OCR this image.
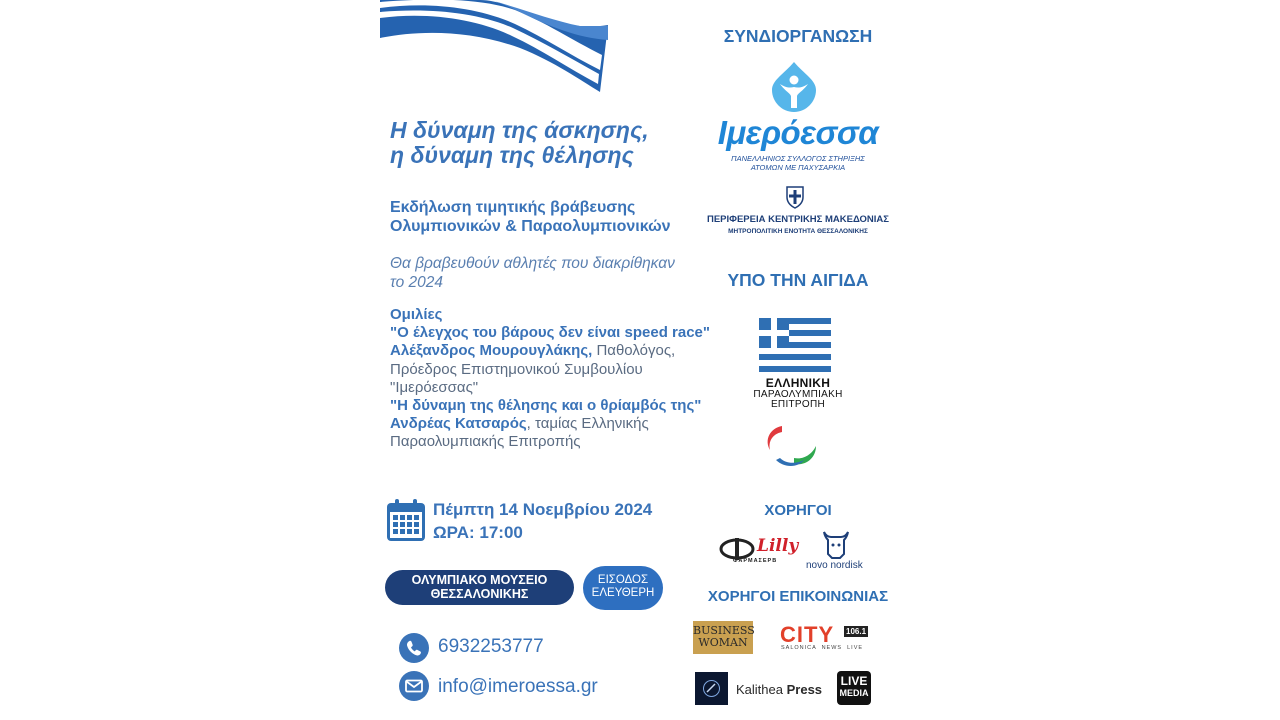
Η δύναμη της άσκησης,
η δύναμη της θέλησης
Εκδήλωση τιμητικής βράβευσης
Ολυμπιονικών & Παραολυμπιονικών
Θα βραβευθούν αθλητές που διακρίθηκαν
το 2024
Ομιλίες
"Ο έλεγχος του βάρους δεν είναι speed race"
Αλέξανδρος Μουρουγλάκης, Παθολόγος, Πρόεδρος Επιστημονικού Συμβουλίου "Ιμερόεσσας"
"Η δύναμη της θέλησης και ο θρίαμβός της"
Ανδρέας Κατσαρός, ταμίας Ελληνικής Παραολυμπιακής Επιτροπής
Πέμπτη 14 Νοεμβρίου 2024
ΩΡΑ: 17:00
ΟΛΥΜΠΙΑΚΟ ΜΟΥΣΕΙΟ
ΘΕΣΣΑΛΟΝΙΚΗΣ
ΕΙΣΟΔΟΣ
ΕΛΕΥΘΕΡΗ
6932253777
info@imeroessa.gr
ΣΥΝΔΙΟΡΓΑΝΩΣΗ
Ιμερόεσσα
ΠΑΝΕΛΛΗΝΙΟΣ ΣΥΛΛΟΓΟΣ ΣΤΗΡΙΞΗΣ
ΑΤΟΜΩΝ ΜΕ ΠΑΧΥΣΑΡΚΙΑ
ΠΕΡΙΦΕΡΕΙΑ ΚΕΝΤΡΙΚΗΣ ΜΑΚΕΔΟΝΙΑΣ
ΜΗΤΡΟΠΟΛΙΤΙΚΗ ΕΝΟΤΗΤΑ ΘΕΣΣΑΛΟΝΙΚΗΣ
ΥΠΟ ΤΗΝ ΑΙΓΙΔΑ
ΕΛΛΗΝΙΚΗ
ΠΑΡΑΟΛΥΜΠΙΑΚΗ
ΕΠΙΤΡΟΠΗ
ΧΟΡΗΓΟΙ
Lilly
ΦΑΡΜΑΣΕΡΒ	novo nordisk
ΧΟΡΗΓΟΙ ΕΠΙΚΟΙΝΩΝΙΑΣ
BUSINESS
WOMAN CITY 106.1
SALONICA  NEWS  LIVE
Kalithea Press
LIVE
MEDIA
